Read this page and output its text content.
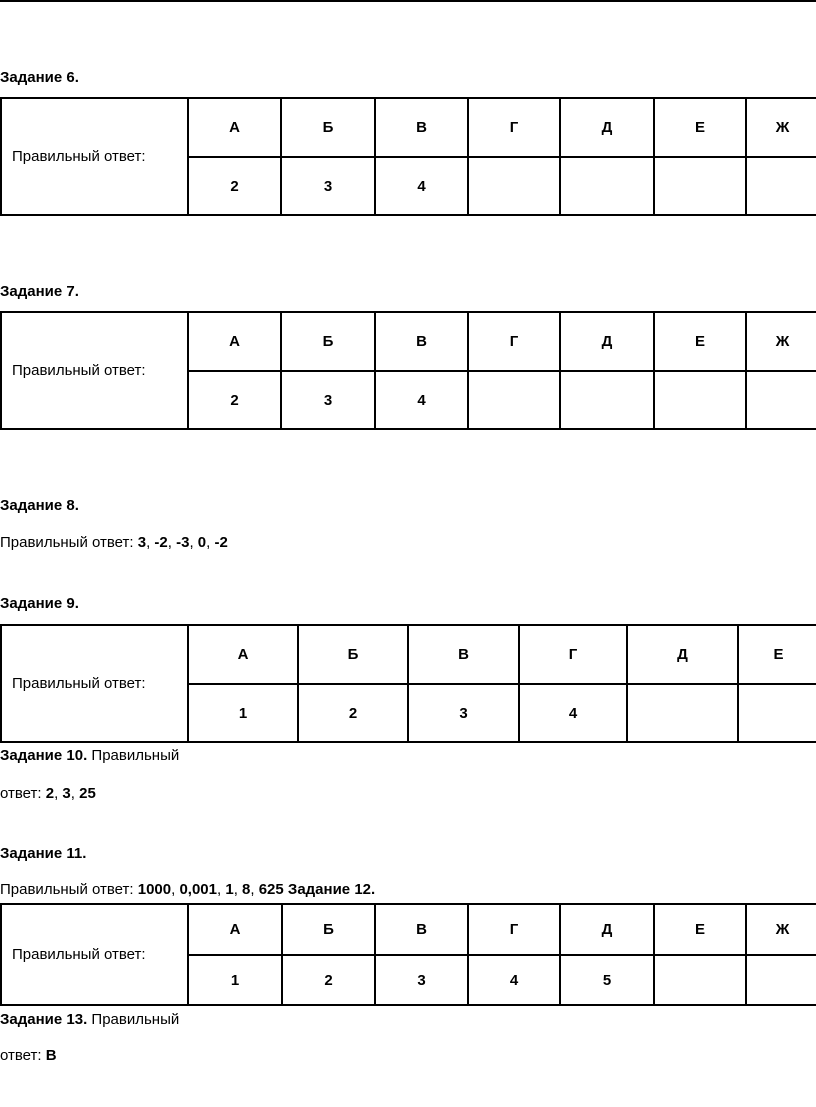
Задание 6.
Правильный ответ:	А	Б	В	Г	Д	Е	Ж
	2	3	4				
Задание 7.
Правильный ответ:	А	Б	В	Г	Д	Е	Ж
	2	3	4				
Задание 8.
Правильный ответ: 3, -2, -3, 0, -2
Задание 9.
Правильный ответ:	А	Б	В	Г	Д	Е
	1	2	3	4		
Задание 10. Правильный
ответ: 2, 3, 25
Задание 11.
Правильный ответ: 1000, 0,001, 1, 8, 625 Задание 12.
Правильный ответ:	А	Б	В	Г	Д	Е	Ж
	1	2	3	4	5		
Задание 13. Правильный
ответ: В
